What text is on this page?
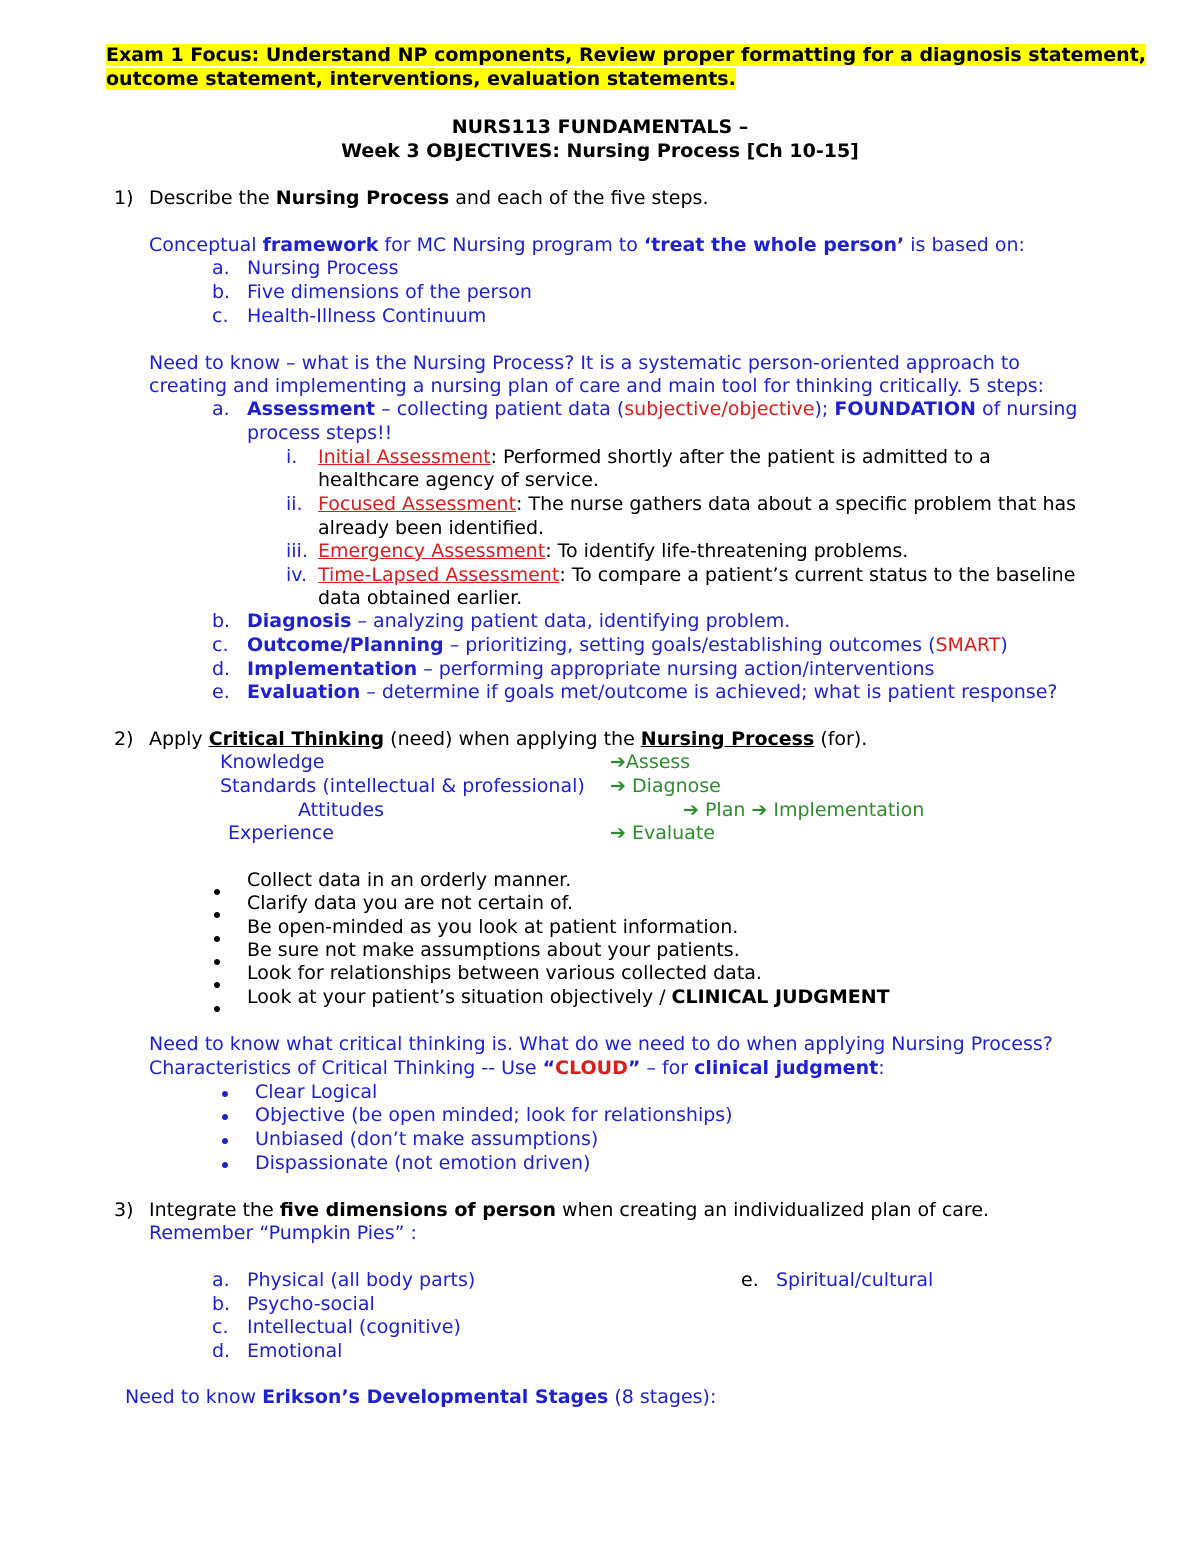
Exam 1 Focus: Understand NP components, Review proper formatting for a diagnosis statement,
outcome statement, interventions, evaluation statements.
NURS113 FUNDAMENTALS –
Week 3 OBJECTIVES: Nursing Process [Ch 10-15]
1) Describe the Nursing Process and each of the five steps.
Conceptual framework for MC Nursing program to ‘treat the whole person’ is based on:
a. Nursing Process
b. Five dimensions of the person
c. Health-Illness Continuum
Need to know – what is the Nursing Process? It is a systematic person-oriented approach to
creating and implementing a nursing plan of care and main tool for thinking critically. 5 steps:
a. Assessment – collecting patient data (subjective/objective); FOUNDATION of nursing
process steps!!
i. Initial Assessment: Performed shortly after the patient is admitted to a
healthcare agency of service.
ii. Focused Assessment: The nurse gathers data about a specific problem that has
already been identified.
iii. Emergency Assessment: To identify life-threatening problems.
iv. Time-Lapsed Assessment: To compare a patient’s current status to the baseline
data obtained earlier.
b. Diagnosis – analyzing patient data, identifying problem.
c. Outcome/Planning – prioritizing, setting goals/establishing outcomes (SMART)
d. Implementation – performing appropriate nursing action/interventions
e. Evaluation – determine if goals met/outcome is achieved; what is patient response?
2) Apply Critical Thinking (need) when applying the Nursing Process (for).
Knowledge	➔Assess
Standards (intellectual & professional) ➔ Diagnose
Attitudes	➔ Plan ➔ Implementation
Experience	➔ Evaluate
Collect data in an orderly manner.
Clarify data you are not certain of.
Be open-minded as you look at patient information.
Be sure not make assumptions about your patients.
Look for relationships between various collected data.
Look at your patient’s situation objectively / CLINICAL JUDGMENT
Need to know what critical thinking is. What do we need to do when applying Nursing Process?
Characteristics of Critical Thinking -- Use “CLOUD” – for clinical judgment:
Clear Logical
Objective (be open minded; look for relationships)
Unbiased (don’t make assumptions)
Dispassionate (not emotion driven)
3) Integrate the five dimensions of person when creating an individualized plan of care.
Remember “Pumpkin Pies” :
a. Physical (all body parts)
b. Psycho-social
c. Intellectual (cognitive)
d. Emotional
e. Spiritual/cultural
Need to know Erikson’s Developmental Stages (8 stages):
